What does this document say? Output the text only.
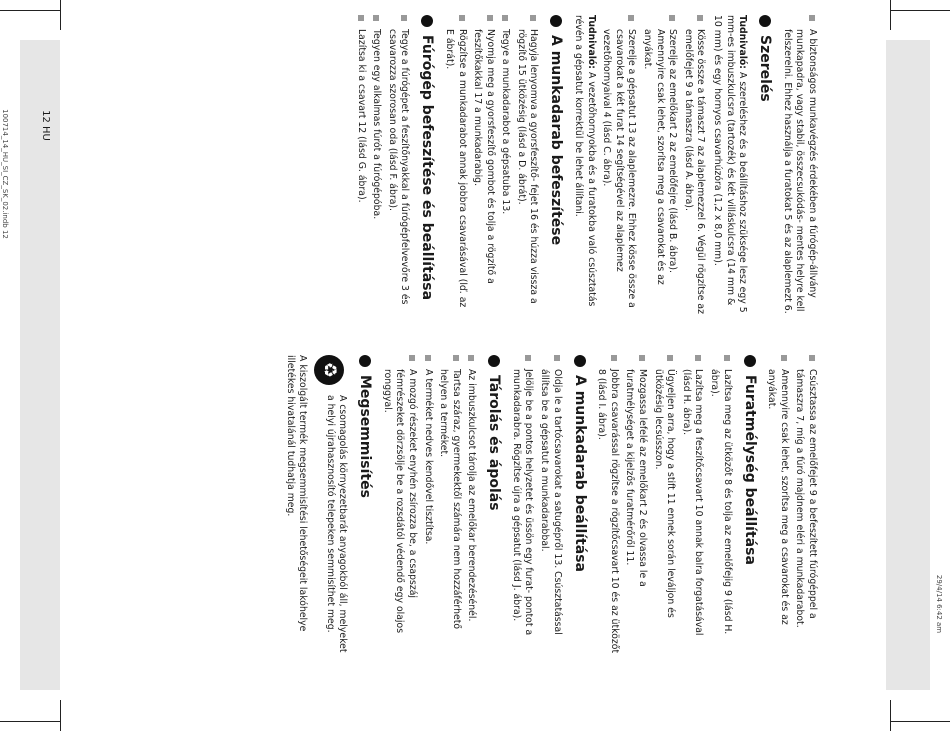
12 HU
100714_14_HU_SI_CZ_SK_02.indb 12
29/4/14 6:42 am
A biztonságos munkavégzés érdekében a fúrógép-állvány munkapadra, vagy stabil, összecsukódás- mentes helyre kell felszerelni. Ehhez használja a furatokat 5 és az alaplemezt 6.
Szerelés
Tudnivaló: A szereléshez és a beállításhoz szüksége lesz egy 5 mm-es imbuszkulcsra (tartozék) és két villáskulcsra (14 mm & 10 mm) és egy hornyos csavarhúzóra (1,2 x 8,0 mm).
Kösse össze a támaszt 7 az alaplemezzel 6. Végül rögzítse az emelőfejet 9 a támaszra (lásd A. ábra).
Szerelje az emelőkart 2 az emelőfejre (lásd B. ábra). Amennyire csak lehet, szorítsa meg a csavarokat és az anyákat.
Szerelje a gépsatut 13 az alaplemezre. Ehhez kösse össze a csavarokat a két furat 14 segítségével az alaplemez vezetőhornyaival 4 (lásd C. ábra).
Tudnivaló: A vezetőhornyokba és a furatokba való csúsztatás révén a gépsatut korrektül be lehet állítani.
A munkadarab befeszítése
Hagyja lenyomva a gyorsfeszítő- fejet 16 és húzza vissza a rögzítő 15 ütközésig (lásd a D. ábrát).
Tegye a munkadarabot a gépsatuba 13.
Nyomja meg a gyorsfeszítő gombot és tolja a rögzítő a feszítőkakkal 17 a munkadarabig.
Rögzítse a munkadarabot annak jobbra csavarásával (lď. az E ábrát).
Fúrógép befeszítése és beállítása
Tegye a fúrógépet a feszítőnyakkal a fúrógépfelvevőre 3 és csavarozza szorosan oda (lásd F. ábra).
Tegyen egy alkalmas fúrót a fúrógépóba.
Lazítsa ki a csavart 12 (lásd G. ábra).
Csúsztassa az emelőfejet 9 a befeszített fúrógéppel a támaszra 7, míg a fúró majdnem eléri a munkadarabot.
Amennyire csak lehet, szorítsa meg a csavarokat és az anyákat.
Furatmélység beállítása
Lazítsa meg az ütközőt 8 és tolja az emelőfejig 9 (lásd H. ábra).
Lazítsa meg a feszítőcsavart 10 annak balra forgatásával (lásd H. ábra).
Ügyeljen arra, hogy a stift 11 ennek során leváljon és ütközésig lecsússzon.
Mozgassa lefelé az emelőkart 2 és olvassa le a furatmélységet a kijelzős furatmérőről 11.
Jobbra csavarással rögzítse a rögzítőcsavart 10 és az ütközőt 8 (lásd I. ábra).
A munkadarab beállítása
Oldja le a tartócsavarokat a satugépről 13. Csúsztatással állítsa be a gépsatut a munkadarabbal.
Jelölje be a pontos helyzetet és üssön egy furat- pontot a munkadarabra. Rögzítse újra a gépsatut (lásd J. ábra).
Tárolás és ápolás
Az imbuszkulcsot tárolja az emelőkar berendezésénél.
Tartsa száraz, gyermekektől számára nem hozzáférhető helyen a terméket.
A terméket nedves kendővel tisztítsa.
A mozgó részeket enyhén zsírozza be, a csapszáj fémrészeket dörzsölje be a rozsdától védendő egy olajos ronggyal.
Megsemmisítés
♻
A csomagolás környezetbarát anyagokból áll, melyeket a helyi újrahasznosító telepeken semmisíthet meg.
A kiszolgált termék megsemmisítési lehetőségeit lakóhelye illetékes hivatalánál tudhatja meg.
